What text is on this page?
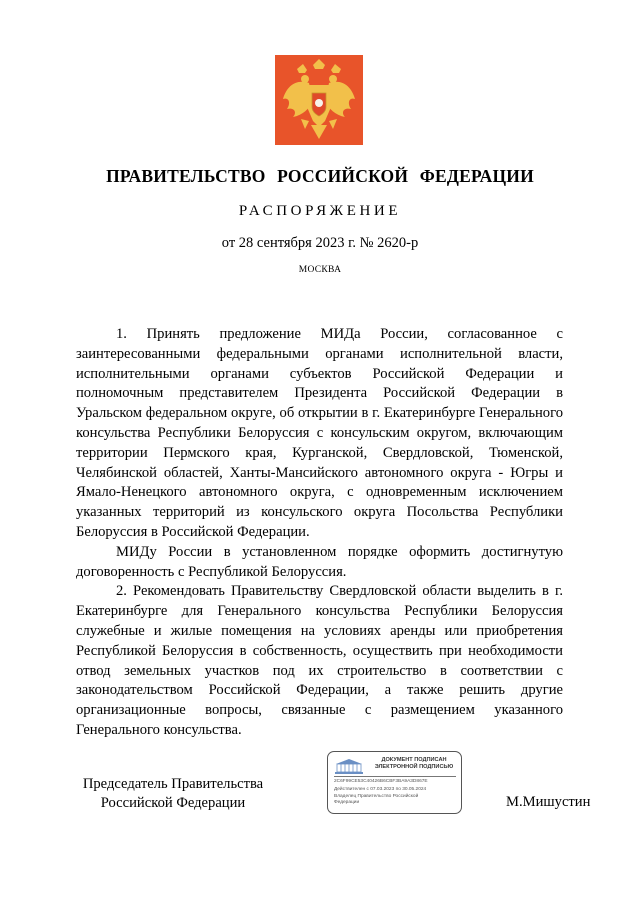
ПРАВИТЕЛЬСТВО РОССИЙСКОЙ ФЕДЕРАЦИИ
РАСПОРЯЖЕНИЕ
от 28 сентября 2023 г. № 2620-р
МОСКВА

1. Принять предложение МИДа России, согласованное с заинтересованными федеральными органами исполнительной власти, исполнительными органами субъектов Российской Федерации и полномочным представителем Президента Российской Федерации в Уральском федеральном округе, об открытии в г. Екатеринбурге Генерального консульства Республики Белоруссия с консульским округом, включающим территории Пермского края, Курганской, Свердловской, Тюменской, Челябинской областей, Ханты-Мансийского автономного округа - Югры и Ямало-Ненецкого автономного округа, с одновременным исключением указанных территорий из консульского округа Посольства Республики Белоруссия в Российской Федерации.

МИДу России в установленном порядке оформить достигнутую договоренность с Республикой Белоруссия.

2. Рекомендовать Правительству Свердловской области выделить в г. Екатеринбурге для Генерального консульства Республики Белоруссия служебные и жилые помещения на условиях аренды или приобретения Республикой Белоруссия в собственность, осуществить при необходимости отвод земельных участков под их строительство в соответствии с законодательством Российской Федерации, а также решить другие организационные вопросы, связанные с размещением указанного Генерального консульства.

Председатель Правительства
Российской Федерации
ДОКУМЕНТ ПОДПИСАН
ЭЛЕКТРОННОЙ ПОДПИСЬЮ
2C6F99CE53C40426B6CBF3BA9A3D867E
Действителен с 07.03.2023 по 30.05.2024
Владелец Правительство Российской
Федерации	М.Мишустин
